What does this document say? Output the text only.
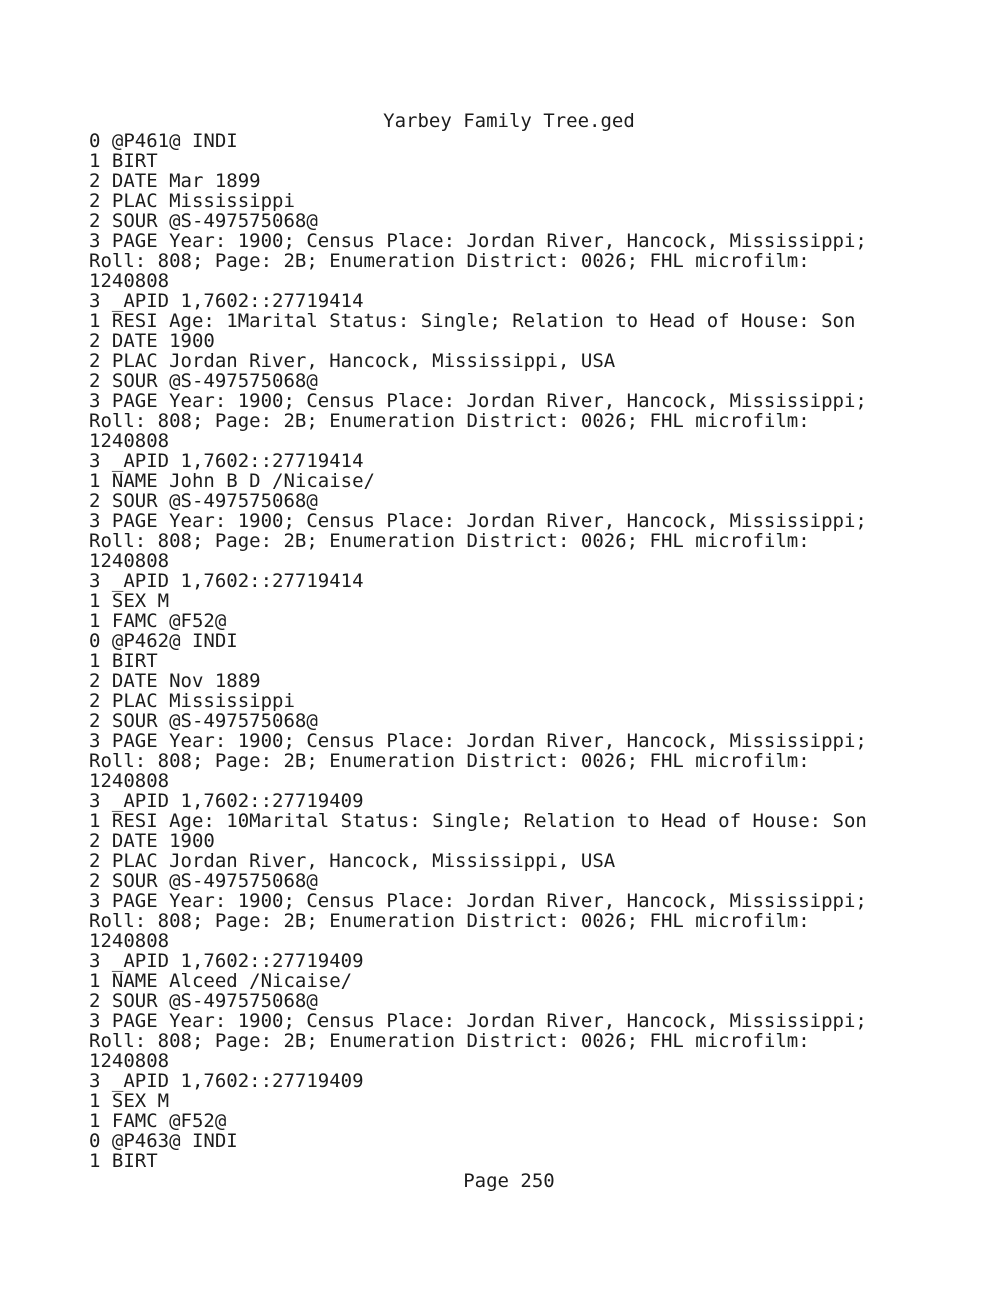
Yarbey Family Tree.ged
0 @P461@ INDI
1 BIRT
2 DATE Mar 1899
2 PLAC Mississippi
2 SOUR @S-497575068@
3 PAGE Year: 1900; Census Place: Jordan River, Hancock, Mississippi;
Roll: 808; Page: 2B; Enumeration District: 0026; FHL microfilm:
1240808
3 _APID 1,7602::27719414
1 RESI Age: 1Marital Status: Single; Relation to Head of House: Son
2 DATE 1900
2 PLAC Jordan River, Hancock, Mississippi, USA
2 SOUR @S-497575068@
3 PAGE Year: 1900; Census Place: Jordan River, Hancock, Mississippi;
Roll: 808; Page: 2B; Enumeration District: 0026; FHL microfilm:
1240808
3 _APID 1,7602::27719414
1 NAME John B D /Nicaise/
2 SOUR @S-497575068@
3 PAGE Year: 1900; Census Place: Jordan River, Hancock, Mississippi;
Roll: 808; Page: 2B; Enumeration District: 0026; FHL microfilm:
1240808
3 _APID 1,7602::27719414
1 SEX M
1 FAMC @F52@
0 @P462@ INDI
1 BIRT
2 DATE Nov 1889
2 PLAC Mississippi
2 SOUR @S-497575068@
3 PAGE Year: 1900; Census Place: Jordan River, Hancock, Mississippi;
Roll: 808; Page: 2B; Enumeration District: 0026; FHL microfilm:
1240808
3 _APID 1,7602::27719409
1 RESI Age: 10Marital Status: Single; Relation to Head of House: Son
2 DATE 1900
2 PLAC Jordan River, Hancock, Mississippi, USA
2 SOUR @S-497575068@
3 PAGE Year: 1900; Census Place: Jordan River, Hancock, Mississippi;
Roll: 808; Page: 2B; Enumeration District: 0026; FHL microfilm:
1240808
3 _APID 1,7602::27719409
1 NAME Alceed /Nicaise/
2 SOUR @S-497575068@
3 PAGE Year: 1900; Census Place: Jordan River, Hancock, Mississippi;
Roll: 808; Page: 2B; Enumeration District: 0026; FHL microfilm:
1240808
3 _APID 1,7602::27719409
1 SEX M
1 FAMC @F52@
0 @P463@ INDI
1 BIRT
Page 250
